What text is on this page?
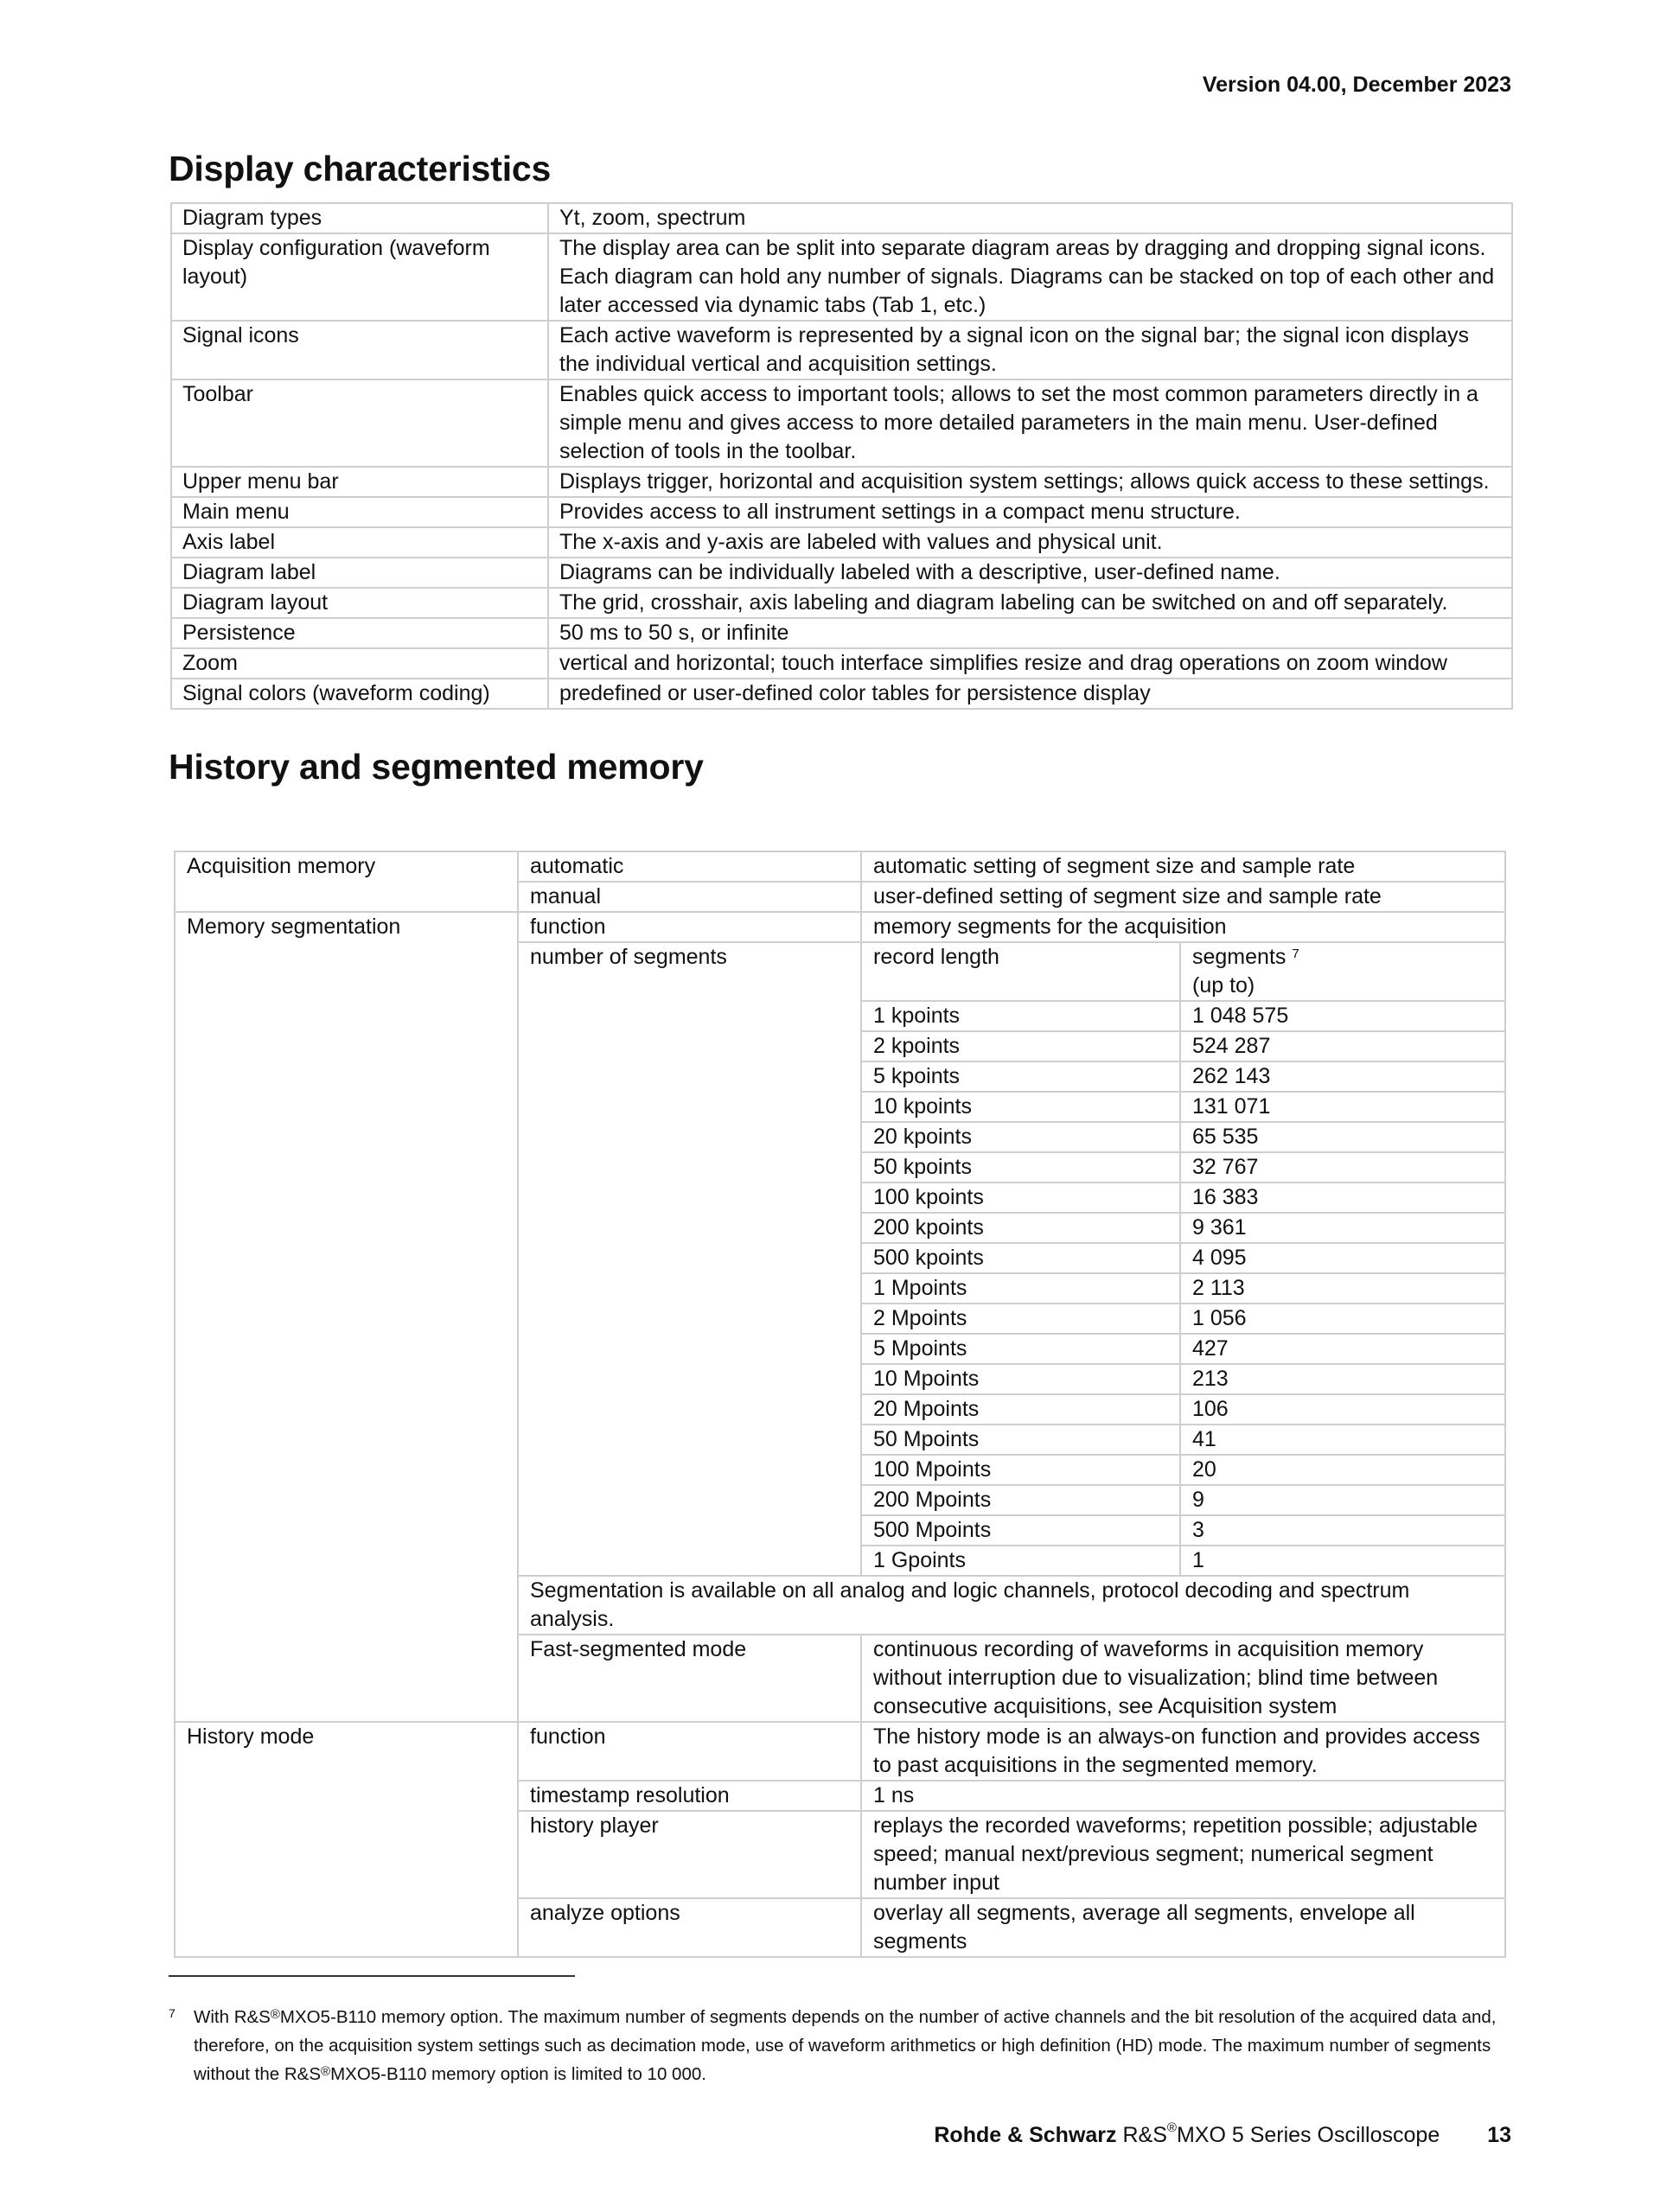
Version 04.00, December 2023
Display characteristics
Diagram types	Yt, zoom, spectrum
Display configuration (waveform layout)	The display area can be split into separate diagram areas by dragging and dropping signal icons. Each diagram can hold any number of signals. Diagrams can be stacked on top of each other and later accessed via dynamic tabs (Tab 1, etc.)
Signal icons	Each active waveform is represented by a signal icon on the signal bar; the signal icon displays the individual vertical and acquisition settings.
Toolbar	Enables quick access to important tools; allows to set the most common parameters directly in a simple menu and gives access to more detailed parameters in the main menu. User-defined selection of tools in the toolbar.
Upper menu bar	Displays trigger, horizontal and acquisition system settings; allows quick access to these settings.
Main menu	Provides access to all instrument settings in a compact menu structure.
Axis label	The x-axis and y-axis are labeled with values and physical unit.
Diagram label	Diagrams can be individually labeled with a descriptive, user-defined name.
Diagram layout	The grid, crosshair, axis labeling and diagram labeling can be switched on and off separately.
Persistence	50 ms to 50 s, or infinite
Zoom	vertical and horizontal; touch interface simplifies resize and drag operations on zoom window
Signal colors (waveform coding)	predefined or user-defined color tables for persistence display
History and segmented memory
Acquisition memory	automatic	automatic setting of segment size and sample rate	
	manual	user-defined setting of segment size and sample rate	
Memory segmentation	function	memory segments for the acquisition	
	number of segments	record length	segments $^7$
(up to)
		1 kpoints	1 048 575
		2 kpoints	524 287
		5 kpoints	262 143
		10 kpoints	131 071
		20 kpoints	65 535
		50 kpoints	32 767
		100 kpoints	16 383
		200 kpoints	9 361
		500 kpoints	4 095
		1 Mpoints	2 113
		2 Mpoints	1 056
		5 Mpoints	427
		10 Mpoints	213
		20 Mpoints	106
		50 Mpoints	41
		100 Mpoints	20
		200 Mpoints	9
		500 Mpoints	3
		1 Gpoints	1
	Segmentation is available on all analog and logic channels, protocol decoding and spectrum analysis.		
	Fast-segmented mode	continuous recording of waveforms in acquisition memory without interruption due to visualization; blind time between consecutive acquisitions, see Acquisition system	
History mode	function	The history mode is an always-on function and provides access to past acquisitions in the segmented memory.	
	timestamp resolution	1 ns	
	history player	replays the recorded waveforms; repetition possible; adjustable speed; manual next/previous segment; numerical segment number input	
	analyze options	overlay all segments, average all segments, envelope all segments	
7 With R&S®MXO5-B110 memory option. The maximum number of segments depends on the number of active channels and the bit resolution of the acquired data and, therefore, on the acquisition system settings such as decimation mode, use of waveform arithmetics or high definition (HD) mode. The maximum number of segments without the R&S®MXO5-B110 memory option is limited to 10 000.
Rohde & Schwarz R&S®MXO 5 Series Oscilloscope 13
